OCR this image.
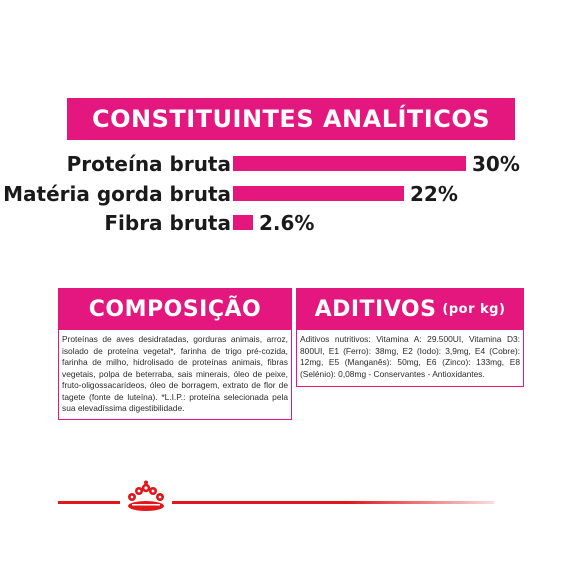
CONSTITUINTES ANALÍTICOS
Proteína bruta	30%
Matéria gorda bruta	22%
Fibra bruta 2.6%
COMPOSIÇÃO
Proteínas de aves desidratadas, gorduras animais, arroz, isolado de proteína vegetal*, farinha de trigo pré-cozida, farinha de milho, hidrolisado de proteínas animais, fibras vegetais, polpa de beterraba, sais minerais, óleo de peixe, fruto-oligossacarídeos, óleo de borragem, extrato de flor de tagete (fonte de luteína). *L.I.P.: proteína selecionada pela sua elevadíssima digestibilidade.
ADITIVOS (por kg)
Aditivos nutritivos: Vitamina A: 29.500UI, Vitamina D3: 800UI, E1 (Ferro): 38mg, E2 (Iodo): 3,9mg, E4 (Cobre): 12mg, E5 (Manganês): 50mg, E6 (Zinco): 133mg, E8 (Selénio): 0,08mg - Conservantes - Antioxidantes.
